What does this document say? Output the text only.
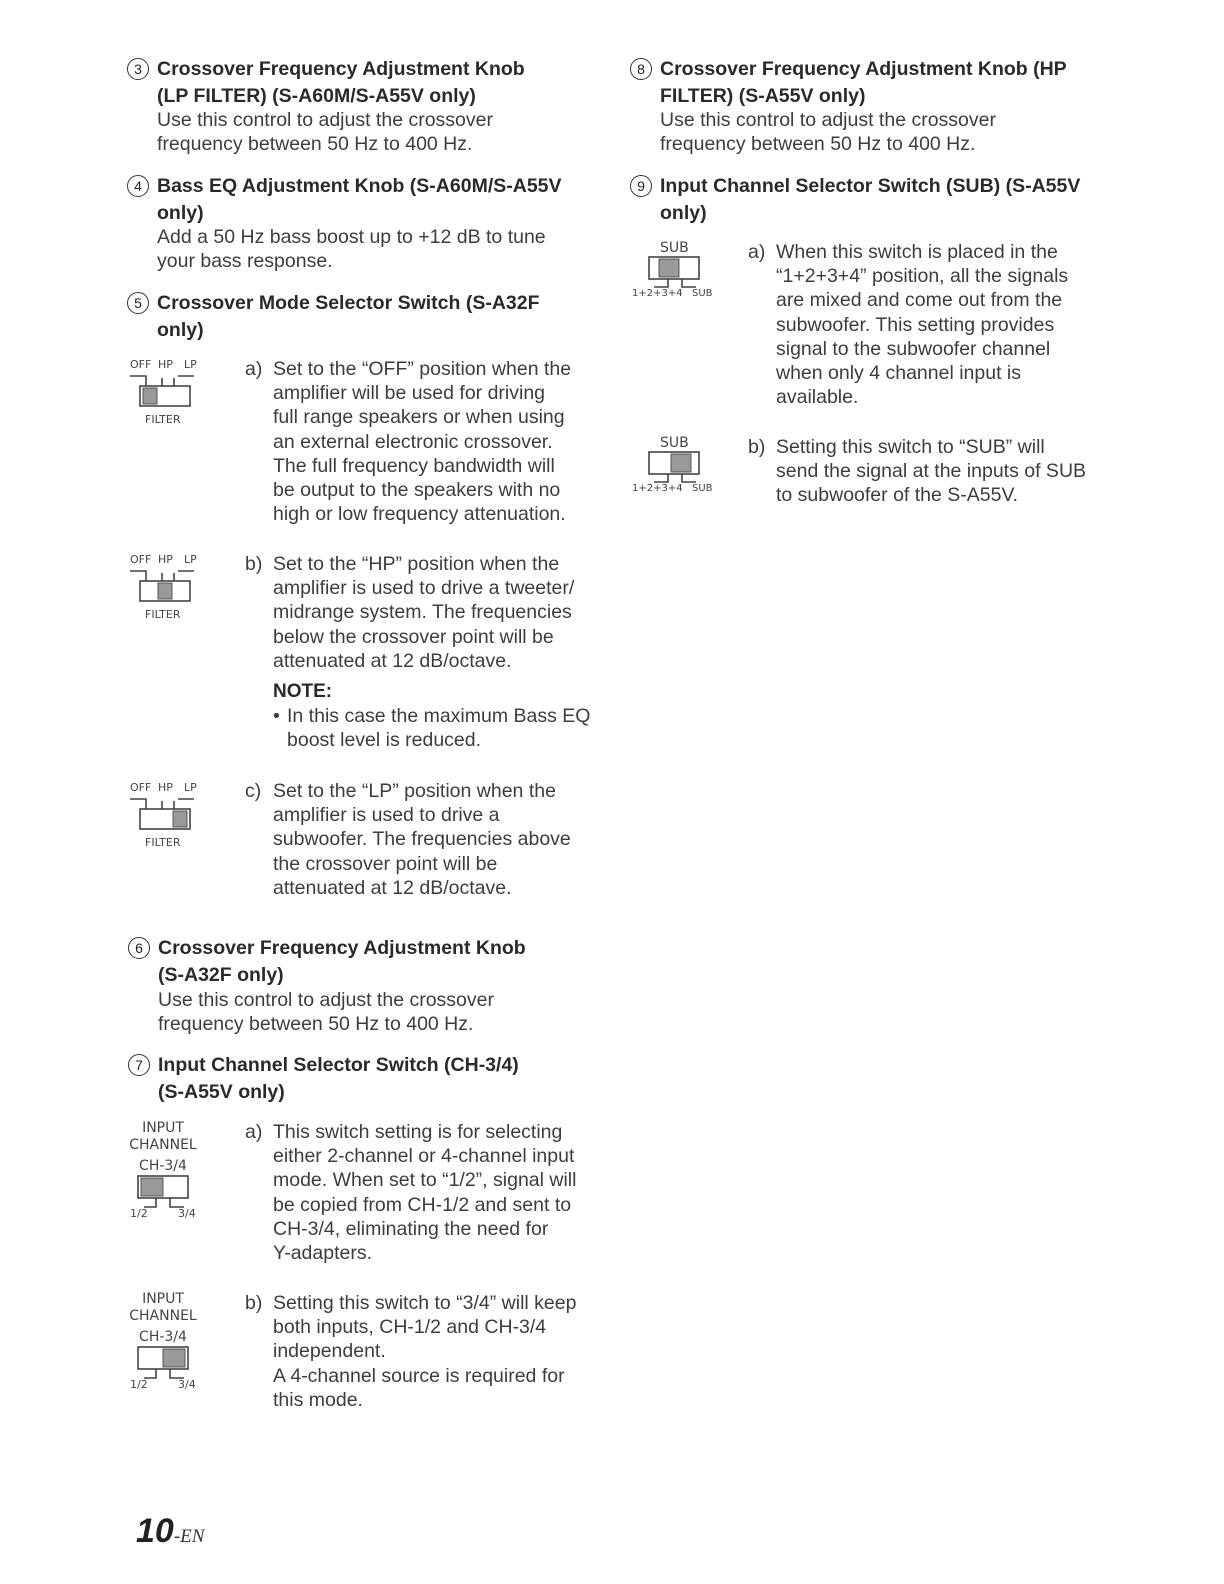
3 Crossover Frequency Adjustment Knob
(LP FILTER) (S-A60M/S-A55V only)
Use this control to adjust the crossover
frequency between 50 Hz to 400 Hz.
4 Bass EQ Adjustment Knob (S-A60M/S-A55V
only)
Add a 50 Hz bass boost up to +12 dB to tune
your bass response.
5 Crossover Mode Selector Switch (S-A32F
only)
OFF HP LP
FILTER
a) Set to the “OFF” position when the
amplifier will be used for driving
full range speakers or when using
an external electronic crossover.
The full frequency bandwidth will
be output to the speakers with no
high or low frequency attenuation.
OFF HP LP
FILTER
b) Set to the “HP” position when the
amplifier is used to drive a tweeter/
midrange system. The frequencies
below the crossover point will be
attenuated at 12 dB/octave.
NOTE:
• In this case the maximum Bass EQ
boost level is reduced.
OFF HP LP
FILTER
c) Set to the “LP” position when the
amplifier is used to drive a
subwoofer. The frequencies above
the crossover point will be
attenuated at 12 dB/octave.
6 Crossover Frequency Adjustment Knob
(S-A32F only)
Use this control to adjust the crossover
frequency between 50 Hz to 400 Hz.
7 Input Channel Selector Switch (CH-3/4)
(S-A55V only)
INPUT
CHANNEL
CH-3/4
1/2	3/4
a) This switch setting is for selecting
either 2-channel or 4-channel input
mode. When set to “1/2”, signal will
be copied from CH-1/2 and sent to
CH-3/4, eliminating the need for
Y-adapters.
INPUT
CHANNEL
CH-3/4
1/2	3/4
b) Setting this switch to “3/4” will keep
both inputs, CH-1/2 and CH-3/4
independent.
A 4-channel source is required for
this mode.
8 Crossover Frequency Adjustment Knob (HP
FILTER) (S-A55V only)
Use this control to adjust the crossover
frequency between 50 Hz to 400 Hz.
9 Input Channel Selector Switch (SUB) (S-A55V
only)
SUB
1+2+3+4 SUB
a) When this switch is placed in the
“1+2+3+4” position, all the signals
are mixed and come out from the
subwoofer. This setting provides
signal to the subwoofer channel
when only 4 channel input is
available.
SUB
1+2+3+4 SUB
b) Setting this switch to “SUB” will
send the signal at the inputs of SUB
to subwoofer of the S-A55V.
10-EN
